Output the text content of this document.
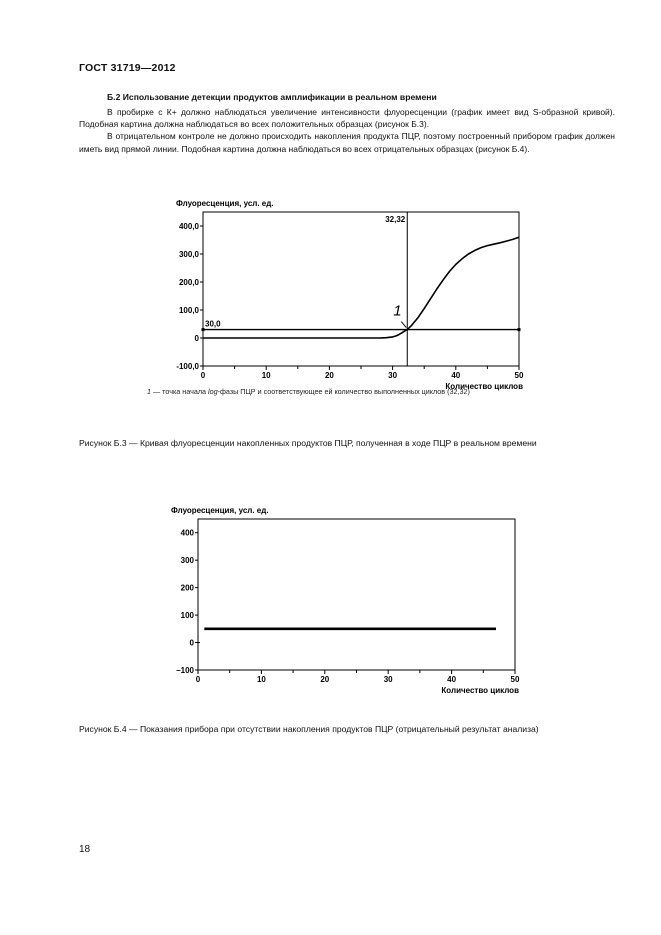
ГОСТ 31719—2012
Б.2 Использование детекции продуктов амплификации в реальном времени

В пробирке с К+ должно наблюдаться увеличение интенсивности флуоресценции (график имеет вид S-образной кривой). Подобная картина должна наблюдаться во всех положительных образцах (рисунок Б.3).

В отрицательном контроле не должно происходить накопления продукта ПЦР, поэтому построенный прибором график должен иметь вид прямой линии. Подобная картина должна наблюдаться во всех отрицательных образцах (рисунок Б.4).

Флуоресценция, усл. ед.
-100,0
0
100,0
200,0
300,0
400,0
0	10	20	30	40	50
Количество циклов
30,0
32,32
1
1 — точка начала log-фазы ПЦР и соответствующее ей количество выполненных циклов (32,32)
Рисунок Б.3 — Кривая флуоресценции накопленных продуктов ПЦР, полученная в ходе ПЦР в реальном времени
Флуоресценция, усл. ед.
−100
0
100
200
300
400
0	10	20	30	40	50
Количество циклов
Рисунок Б.4 — Показания прибора при отсутствии накопления продуктов ПЦР (отрицательный результат анализа)
18
